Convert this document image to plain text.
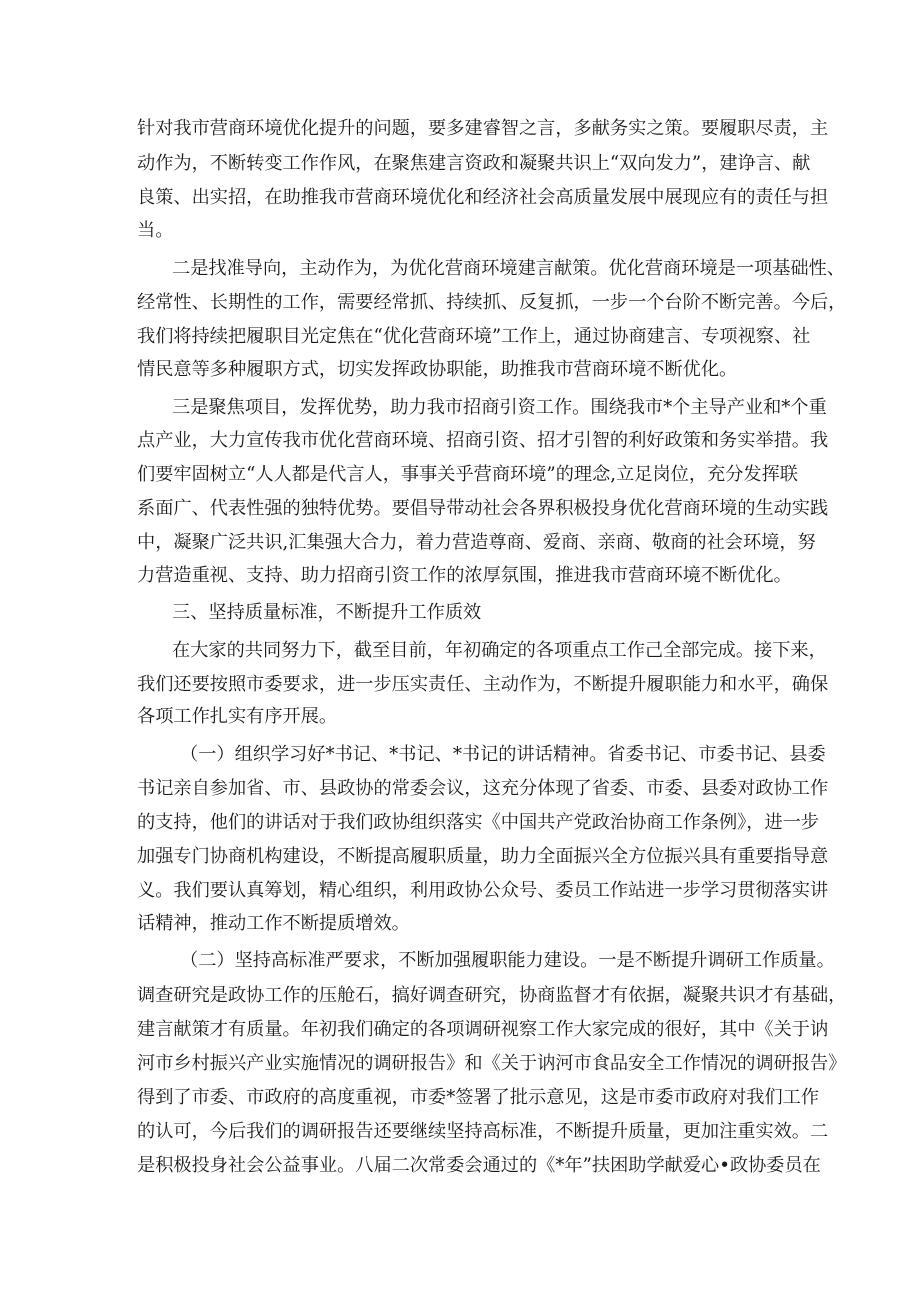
针对我市营商环境优化提升的问题，要多建睿智之言，多献务实之策。要履职尽责，主
动作为，不断转变工作作风，在聚焦建言资政和凝聚共识上“双向发力”，建诤言、献
良策、出实招，在助推我市营商环境优化和经济社会高质量发展中展现应有的责任与担
当。
二是找准导向，主动作为，为优化营商环境建言献策。优化营商环境是一项基础性、
经常性、长期性的工作，需要经常抓、持续抓、反复抓，一步一个台阶不断完善。今后，
我们将持续把履职目光定焦在“优化营商环境”工作上，通过协商建言、专项视察、社
情民意等多种履职方式，切实发挥政协职能，助推我市营商环境不断优化。
三是聚焦项目，发挥优势，助力我市招商引资工作。围绕我市*个主导产业和*个重
点产业，大力宣传我市优化营商环境、招商引资、招才引智的利好政策和务实举措。我
们要牢固树立“人人都是代言人，事事关乎营商环境”的理念,立足岗位，充分发挥联
系面广、代表性强的独特优势。要倡导带动社会各界积极投身优化营商环境的生动实践
中，凝聚广泛共识,汇集强大合力，着力营造尊商、爱商、亲商、敬商的社会环境，努
力营造重视、支持、助力招商引资工作的浓厚氛围，推进我市营商环境不断优化。
三、坚持质量标准，不断提升工作质效
在大家的共同努力下，截至目前，年初确定的各项重点工作己全部完成。接下来，
我们还要按照市委要求，进一步压实责任、主动作为，不断提升履职能力和水平，确保
各项工作扎实有序开展。
（一）组织学习好*书记、*书记、*书记的讲话精神。省委书记、市委书记、县委
书记亲自参加省、市、县政协的常委会议，这充分体现了省委、市委、县委对政协工作
的支持，他们的讲话对于我们政协组织落实《中国共产党政治协商工作条例》，进一步
加强专门协商机构建设，不断提高履职质量，助力全面振兴全方位振兴具有重要指导意
义。我们要认真筹划，精心组织，利用政协公众号、委员工作站进一步学习贯彻落实讲
话精神，推动工作不断提质增效。
（二）坚持高标准严要求，不断加强履职能力建设。一是不断提升调研工作质量。
调查研究是政协工作的压舱石，搞好调查研究，协商监督才有依据，凝聚共识才有基础，
建言献策才有质量。年初我们确定的各项调研视察工作大家完成的很好，其中《关于讷
河市乡村振兴产业实施情况的调研报告》和《关于讷河市食品安全工作情况的调研报告》
得到了市委、市政府的高度重视，市委*签署了批示意见，这是市委市政府对我们工作
的认可，今后我们的调研报告还要继续坚持高标准，不断提升质量，更加注重实效。二
是积极投身社会公益事业。八届二次常委会通过的《*年”扶困助学献爱心•政协委员在
